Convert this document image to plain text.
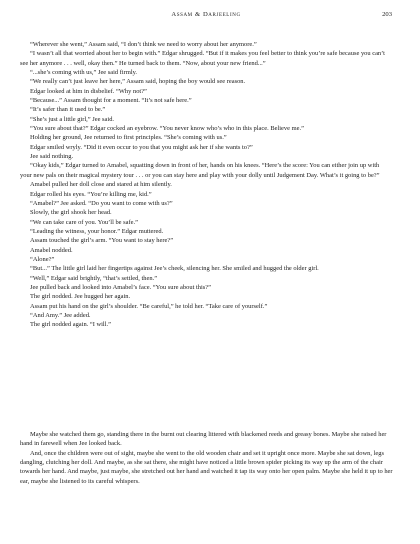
Assam & Darjeeling	203

“Wherever she went,” Assam said, “I don’t think we need to worry about her anymore.”

“I wasn’t all that worried about her to begin with.” Edgar shrugged. “But if it makes you feel better to think you’re safe because you can’t see her anymore . . . well, okay then.” He turned back to them. “Now, about your new friend...”

“...she’s coming with us,” Jee said firmly.

“We really can’t just leave her here,” Assam said, hoping the boy would see reason.

Edgar looked at him in disbelief. “Why not?”

“Because...” Assam thought for a moment. “It’s not safe here.”

“It’s safer than it used to be.”

“She’s just a little girl,” Jee said.

“You sure about that?” Edgar cocked an eyebrow. “You never know who’s who in this place. Believe me.”

Holding her ground, Jee returned to first principles. “She’s coming with us.”

Edgar smiled wryly. “Did it even occur to you that you might ask her if she wants to?”

Jee said nothing.

“Okay kids,” Edgar turned to Amabel, squatting down in front of her, hands on his knees. “Here’s the score: You can either join up with your new pals on their magical mystery tour . . . or you can stay here and play with your dolly until Judgement Day. What’s it going to be?”

Amabel pulled her doll close and stared at him silently.

Edgar rolled his eyes. “You’re killing me, kid.”

“Amabel?” Jee asked. “Do you want to come with us?”

Slowly, the girl shook her head.

“We can take care of you. You’ll be safe.”

“Leading the witness, your honor.” Edgar muttered.

Assam touched the girl’s arm. “You want to stay here?”

Amabel nodded.

“Alone?”

“But...” The little girl laid her fingertips against Jee’s cheek, silencing her. She smiled and hugged the older girl.

“Well,” Edgar said brightly, “that’s settled, then.”

Jee pulled back and looked into Amabel’s face. “You sure about this?”

The girl nodded. Jee hugged her again.

Assam put his hand on the girl’s shoulder. “Be careful,” he told her. “Take care of yourself.”

“And Amy.” Jee added.

The girl nodded again. “I will.”

Maybe she watched them go, standing there in the burnt out clearing littered with blackened reeds and greasy bones. Maybe she raised her hand in farewell when Jee looked back.

And, once the children were out of sight, maybe she went to the old wooden chair and set it upright once more. Maybe she sat down, legs dangling, clutching her doll. And maybe, as she sat there, she might have noticed a little brown spider picking its way up the arm of the chair towards her hand. And maybe, just maybe, she stretched out her hand and watched it tap its way onto her open palm. Maybe she held it up to her ear, maybe she listened to its careful whispers.
